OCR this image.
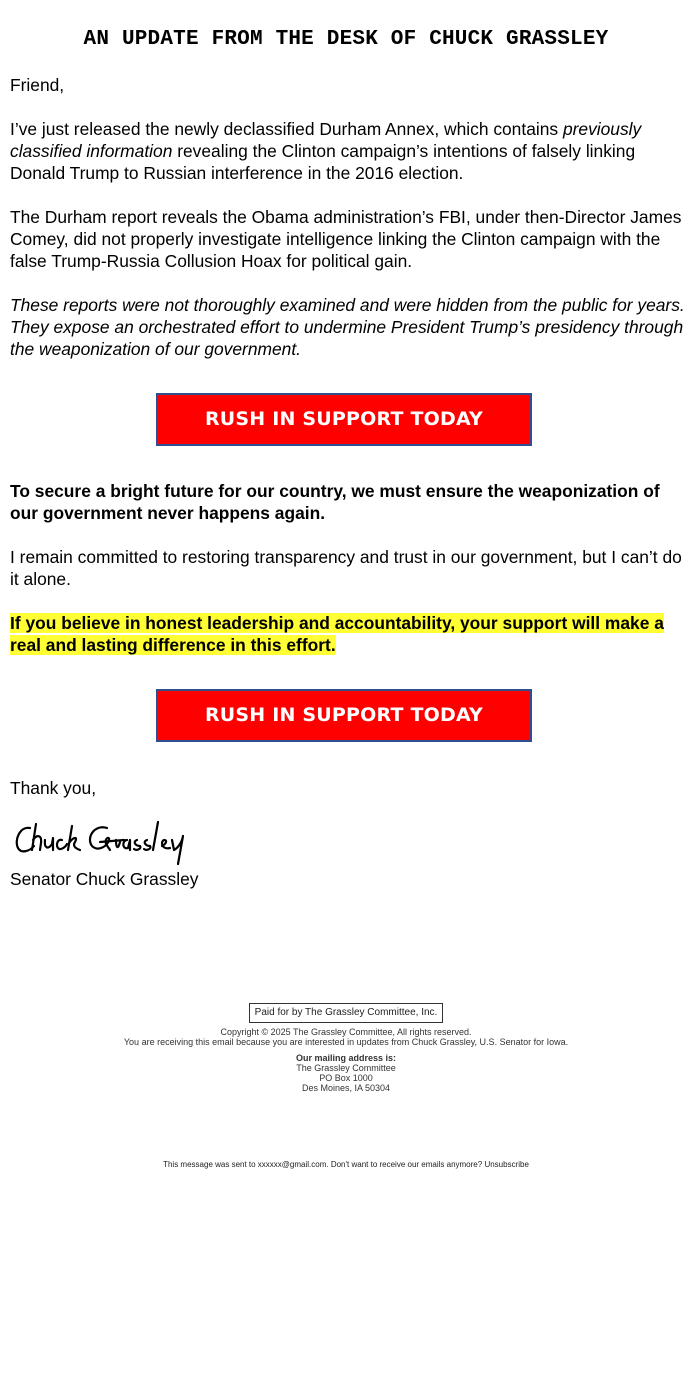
AN UPDATE FROM THE DESK OF CHUCK GRASSLEY

Friend,

I’ve just released the newly declassified Durham Annex, which contains previously classified information revealing the Clinton campaign’s intentions of falsely linking Donald Trump to Russian interference in the 2016 election.

The Durham report reveals the Obama administration’s FBI, under then-Director James Comey, did not properly investigate intelligence linking the Clinton campaign with the false Trump-Russia Collusion Hoax for political gain.

These reports were not thoroughly examined and were hidden from the public for years. They expose an orchestrated effort to undermine President Trump’s presidency through the weaponization of our government.

RUSH IN SUPPORT TODAY

To secure a bright future for our country, we must ensure the weaponization of our government never happens again.

I remain committed to restoring transparency and trust in our government, but I can’t do it alone.

If you believe in honest leadership and accountability, your support will make a real and lasting difference in this effort.

RUSH IN SUPPORT TODAY

Thank you,

Senator Chuck Grassley

Paid for by The Grassley Committee, Inc.
Copyright © 2025 The Grassley Committee, All rights reserved.
You are receiving this email because you are interested in updates from Chuck Grassley, U.S. Senator for Iowa.
Our mailing address is:
The Grassley Committee
PO Box 1000
Des Moines, IA 50304
This message was sent to xxxxxx@gmail.com. Don't want to receive our emails anymore? Unsubscribe
